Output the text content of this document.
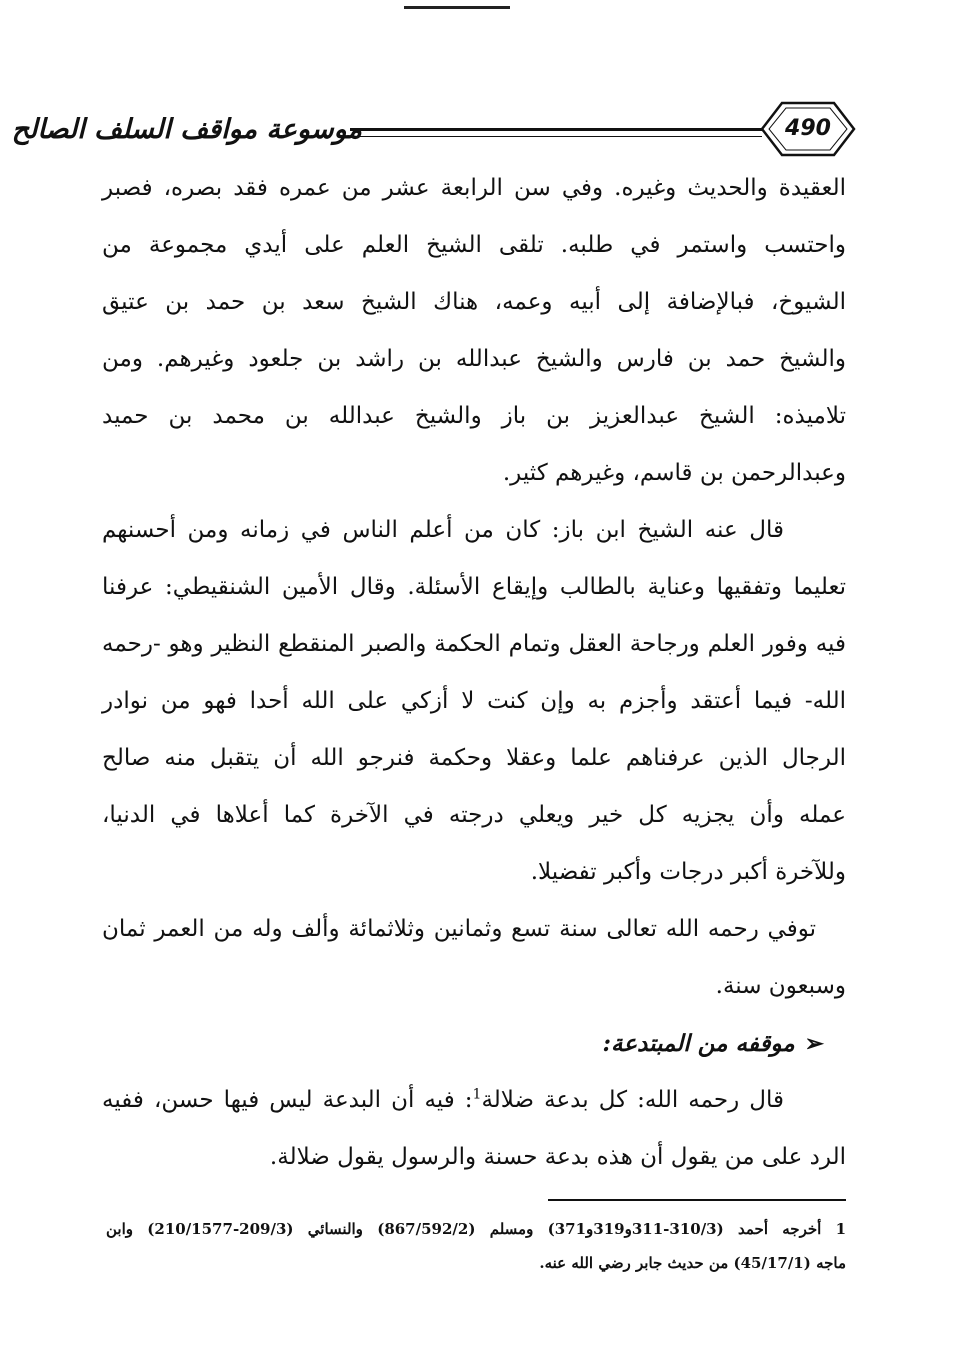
موسوعة مواقف السلف الصالح	490
العقيدة والحديث وغيره. وفي سن الرابعة عشر من عمره فقد بصره، فصبر
واحتسب واستمر في طلبه. تلقى الشيخ العلم على أيدي مجموعة من
الشيوخ، فبالإضافة إلى أبيه وعمه، هناك الشيخ سعد بن حمد بن عتيق
والشيخ حمد بن فارس والشيخ عبدالله بن راشد بن جلعود وغيرهم. ومن
تلاميذه: الشيخ عبدالعزيز بن باز والشيخ عبدالله بن محمد بن حميد
وعبدالرحمن بن قاسم، وغيرهم كثير.
قال عنه الشيخ ابن باز: كان من أعلم الناس في زمانه ومن أحسنهم
تعليما وتفقيها وعناية بالطالب وإيقاع الأسئلة. وقال الأمين الشنقيطي: عرفنا
فيه وفور العلم ورجاحة العقل وتمام الحكمة والصبر المنقطع النظير وهو -رحمه
الله- فيما أعتقد وأجزم به وإن كنت لا أزكي على الله أحدا فهو من نوادر
الرجال الذين عرفناهم علما وعقلا وحكمة فنرجو الله أن يتقبل منه صالح
عمله وأن يجزيه كل خير ويعلي درجته في الآخرة كما أعلاها في الدنيا،
وللآخرة أكبر درجات وأكبر تفضيلا.
توفي رحمه الله تعالى سنة تسع وثمانين وثلاثمائة وألف وله من العمر ثمان
وسبعون سنة.
➢موقفه من المبتدعة:
قال رحمه الله: كل بدعة ضلالة$^1$: فيه أن البدعة ليس فيها حسن، ففيه
الرد على من يقول أن هذه بدعة حسنة والرسول يقول ضلالة.
1 أخرجه أحمد (310/3-311و319و371) ومسلم (867/592/2) والنسائي (209/3-210/1577) وابن
ماجه (45/17/1) من حديث جابر رضي الله عنه.
